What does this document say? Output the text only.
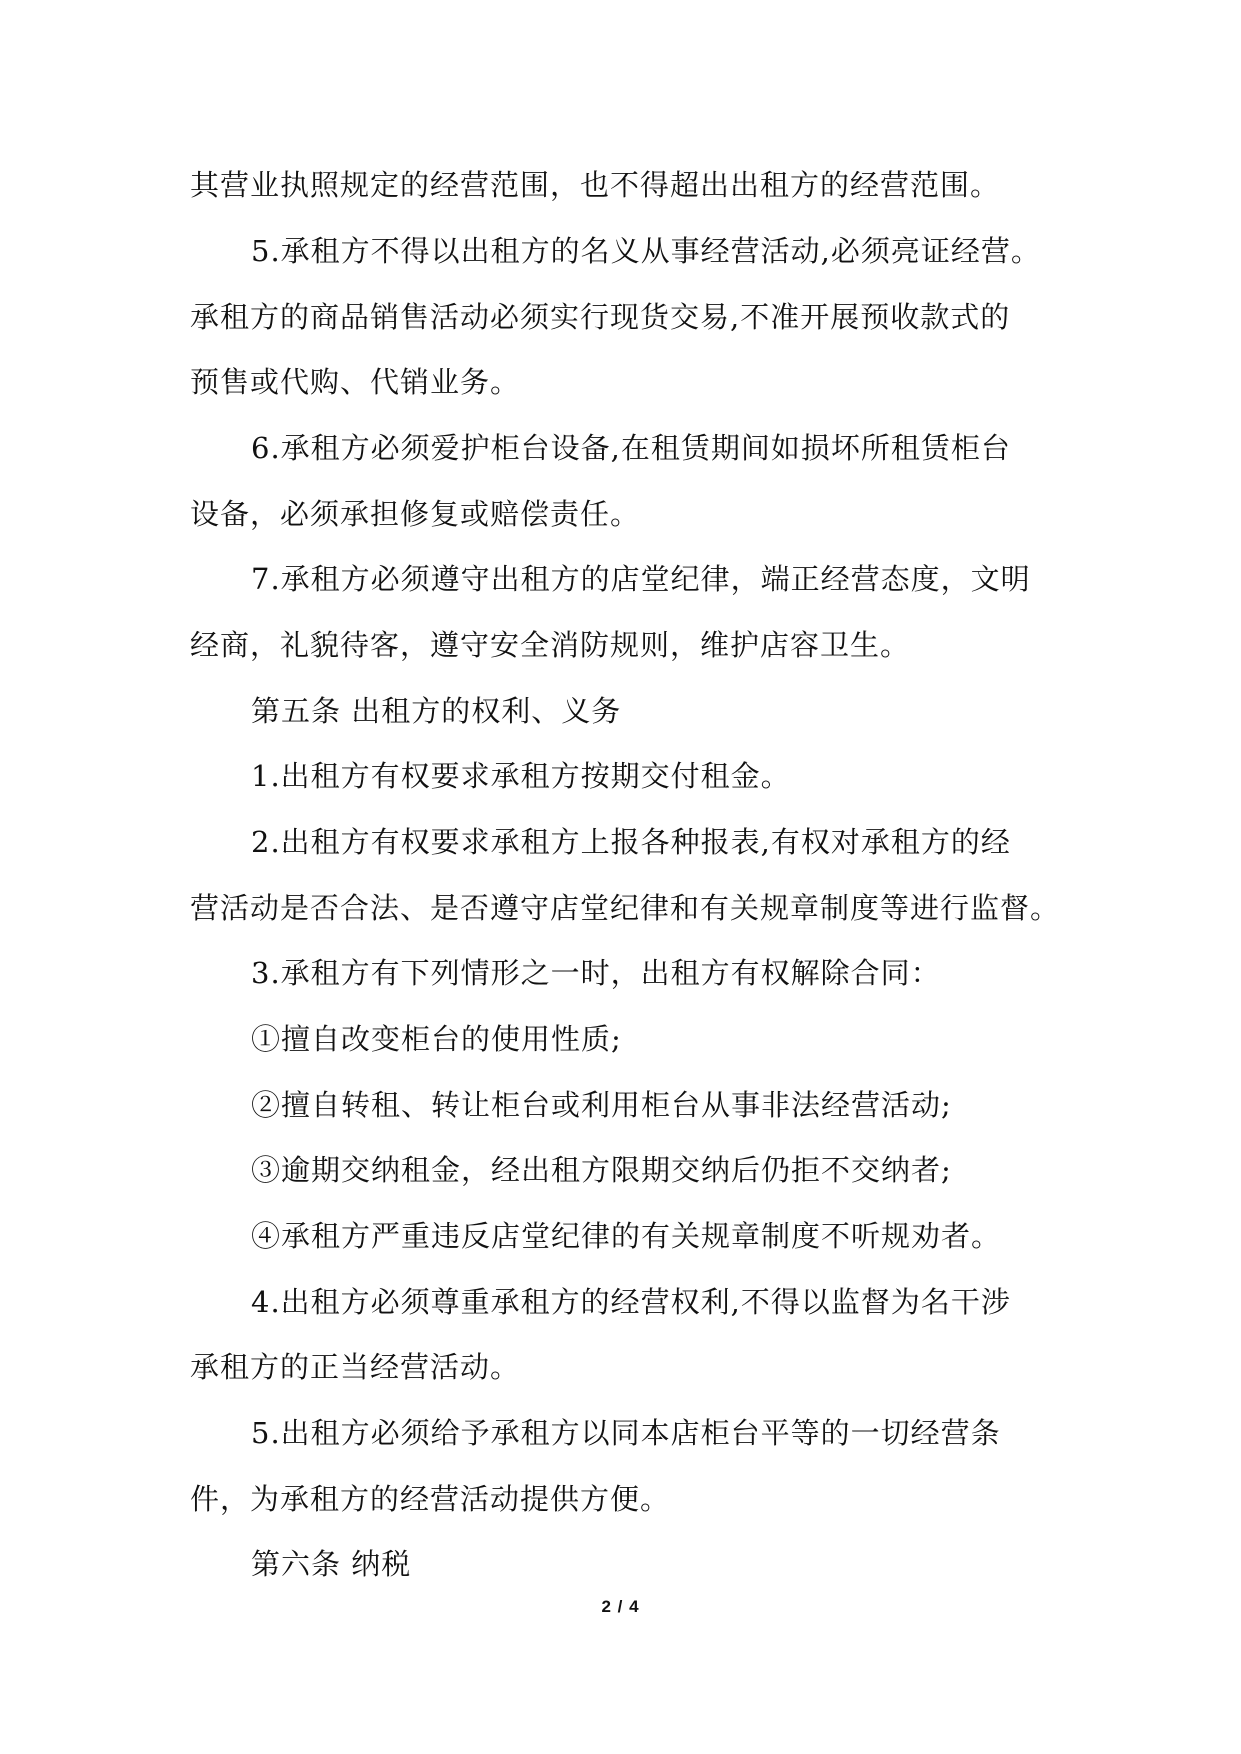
其营业执照规定的经营范围，也不得超出出租方的经营范围。
5.承租方不得以出租方的名义从事经营活动,必须亮证经营。
承租方的商品销售活动必须实行现货交易,不准开展预收款式的
预售或代购、代销业务。
6.承租方必须爱护柜台设备,在租赁期间如损坏所租赁柜台
设备，必须承担修复或赔偿责任。
7.承租方必须遵守出租方的店堂纪律，端正经营态度，文明
经商，礼貌待客，遵守安全消防规则，维护店容卫生。
第五条 出租方的权利、义务
1.出租方有权要求承租方按期交付租金。
2.出租方有权要求承租方上报各种报表,有权对承租方的经
营活动是否合法、是否遵守店堂纪律和有关规章制度等进行监督。
3.承租方有下列情形之一时，出租方有权解除合同：
①擅自改变柜台的使用性质;
②擅自转租、转让柜台或利用柜台从事非法经营活动;
③逾期交纳租金，经出租方限期交纳后仍拒不交纳者;
④承租方严重违反店堂纪律的有关规章制度不听规劝者。
4.出租方必须尊重承租方的经营权利,不得以监督为名干涉
承租方的正当经营活动。
5.出租方必须给予承租方以同本店柜台平等的一切经营条
件，为承租方的经营活动提供方便。
第六条 纳税
2 / 4
